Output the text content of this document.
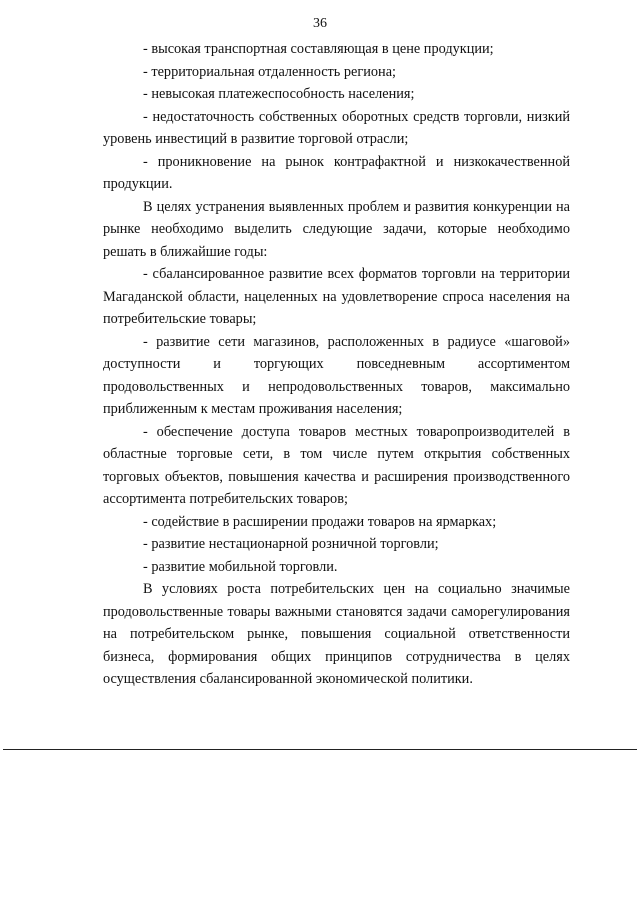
36

- высокая транспортная составляющая в цене продукции;

- территориальная отдаленность региона;

- невысокая платежеспособность населения;

- недостаточность собственных оборотных средств торговли, низкий уровень инвестиций в развитие торговой отрасли;

- проникновение на рынок контрафактной и низкокачественной продукции.

В целях устранения выявленных проблем и развития конкуренции на рынке необходимо выделить следующие задачи, которые необходимо решать в ближайшие годы:

- сбалансированное развитие всех форматов торговли на территории Магаданской области, нацеленных на удовлетворение спроса населения на потребительские товары;

- развитие сети магазинов, расположенных в радиусе «шаговой» доступности и торгующих повседневным ассортиментом продовольственных и непродовольственных товаров, максимально приближенным к местам проживания населения;

- обеспечение доступа товаров местных товаропроизводителей в областные торговые сети, в том числе путем открытия собственных торговых объектов, повышения качества и расширения производственного ассортимента потребительских товаров;

- содействие в расширении продажи товаров на ярмарках;

- развитие нестационарной розничной торговли;

- развитие мобильной торговли.

В условиях роста потребительских цен на социально значимые продовольственные товары важными становятся задачи саморегулирования на потребительском рынке, повышения социальной ответственности бизнеса, формирования общих принципов сотрудничества в целях осуществления сбалансированной экономической политики.
